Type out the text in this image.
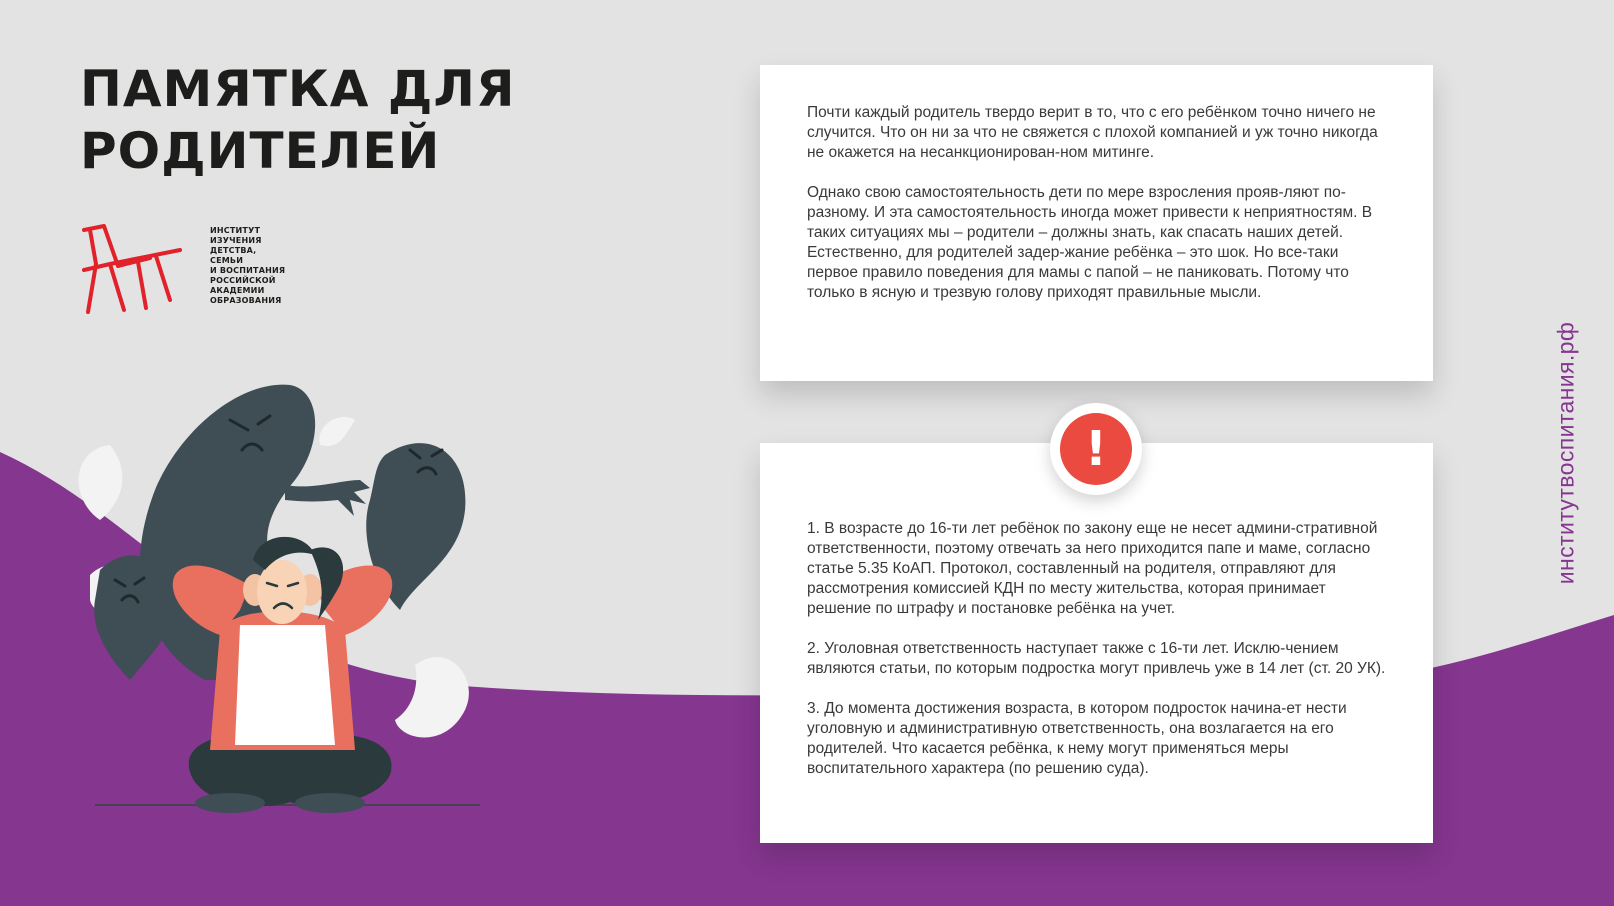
ПАМЯТКА ДЛЯ
РОДИТЕЛЕЙ
ИНСТИТУТ
ИЗУЧЕНИЯ
ДЕТСТВА,
СЕМЬИ
И ВОСПИТАНИЯ
РОССИЙСКОЙ
АКАДЕМИИ
ОБРАЗОВАНИЯ

Почти каждый родитель твердо верит в то, что с его ребёнком точно ничего не случится. Что он ни за что не свяжется с плохой компанией и уж точно никогда не окажется на несанкционирован-ном митинге.

Однако свою самостоятельность дети по мере взросления прояв-ляют по-разному. И эта самостоятельность иногда может привести к неприятностям. В таких ситуациях мы – родители – должны знать, как спасать наших детей. Естественно, для родителей задер-жание ребёнка – это шок. Но все-таки первое правило поведения для мамы с папой – не паниковать. Потому что только в ясную и трезвую голову приходят правильные мысли.

1. В возрасте до 16-ти лет ребёнок по закону еще не несет админи-стративной ответственности, поэтому отвечать за него приходится папе и маме, согласно статье 5.35 КоАП. Протокол, составленный на родителя, отправляют для рассмотрения комиссией КДН по месту жительства, которая принимает решение по штрафу и постановке ребёнка на учет.

2. Уголовная ответственность наступает также с 16-ти лет. Исклю-чением являются статьи, по которым подростка могут привлечь уже в 14 лет (ст. 20 УК).

3. До момента достижения возраста, в котором подросток начина-ет нести уголовную и административную ответственность, она возлагается на его родителей. Что касается ребёнка, к нему могут применяться меры воспитательного характера (по решению суда).

!	институтвоспитания.рф
